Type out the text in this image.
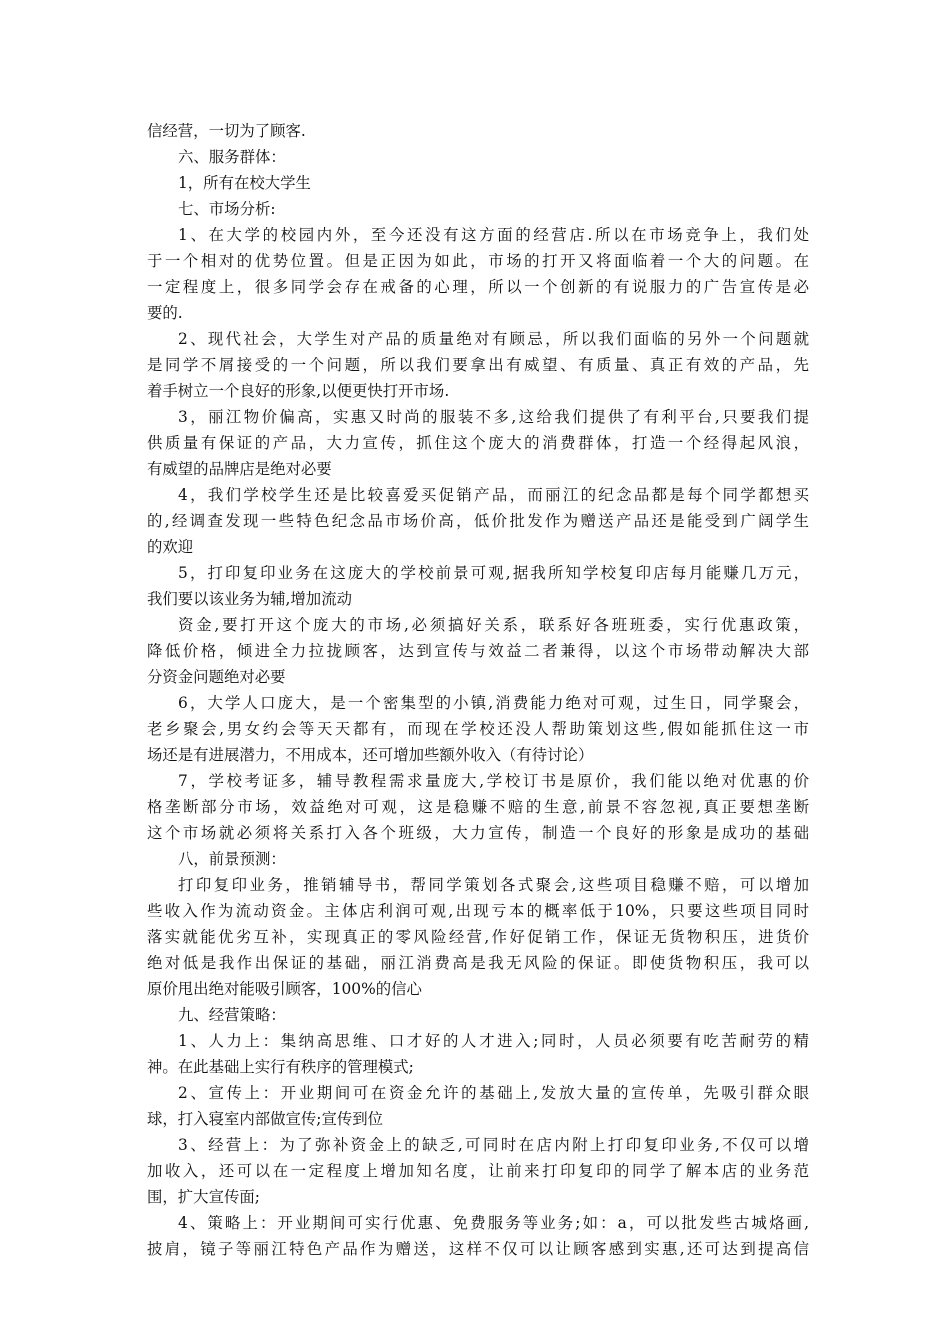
信经营，一切为了顾客.
六、服务群体：
1，所有在校大学生
七、市场分析:
1、在大学的校园内外，至今还没有这方面的经营店.所以在市场竞争上，我们处
于一个相对的优势位置。但是正因为如此，市场的打开又将面临着一个大的问题。在
一定程度上，很多同学会存在戒备的心理，所以一个创新的有说服力的广告宣传是必
要的.
2、现代社会，大学生对产品的质量绝对有顾忌，所以我们面临的另外一个问题就
是同学不屑接受的一个问题，所以我们要拿出有威望、有质量、真正有效的产品，先
着手树立一个良好的形象,以便更快打开市场.
3，丽江物价偏高，实惠又时尚的服装不多,这给我们提供了有利平台,只要我们提
供质量有保证的产品，大力宣传，抓住这个庞大的消费群体，打造一个经得起风浪，
有威望的品牌店是绝对必要
4，我们学校学生还是比较喜爱买促销产品，而丽江的纪念品都是每个同学都想买
的,经调查发现一些特色纪念品市场价高，低价批发作为赠送产品还是能受到广阔学生
的欢迎
5，打印复印业务在这庞大的学校前景可观,据我所知学校复印店每月能赚几万元，
我们要以该业务为辅,增加流动
资金,要打开这个庞大的市场,必须搞好关系，联系好各班班委，实行优惠政策，
降低价格，倾进全力拉拢顾客，达到宣传与效益二者兼得，以这个市场带动解决大部
分资金问题绝对必要
6，大学人口庞大，是一个密集型的小镇,消费能力绝对可观，过生日，同学聚会，
老乡聚会,男女约会等天天都有，而现在学校还没人帮助策划这些,假如能抓住这一市
场还是有进展潜力，不用成本，还可增加些额外收入（有待讨论）
7，学校考证多，辅导教程需求量庞大,学校订书是原价，我们能以绝对优惠的价
格垄断部分市场，效益绝对可观，这是稳赚不赔的生意,前景不容忽视,真正要想垄断
这个市场就必须将关系打入各个班级，大力宣传，制造一个良好的形象是成功的基础
八，前景预测：
打印复印业务，推销辅导书，帮同学策划各式聚会,这些项目稳赚不赔，可以增加
些收入作为流动资金。主体店利润可观,出现亏本的概率低于10%，只要这些项目同时
落实就能优劣互补，实现真正的零风险经营,作好促销工作，保证无货物积压，进货价
绝对低是我作出保证的基础，丽江消费高是我无风险的保证。即使货物积压，我可以
原价甩出绝对能吸引顾客，100%的信心
九、经营策略：
1、人力上：集纳高思维、口才好的人才进入;同时，人员必须要有吃苦耐劳的精
神。在此基础上实行有秩序的管理模式;
2、宣传上：开业期间可在资金允许的基础上,发放大量的宣传单，先吸引群众眼
球，打入寝室内部做宣传;宣传到位
3、经营上：为了弥补资金上的缺乏,可同时在店内附上打印复印业务,不仅可以增
加收入，还可以在一定程度上增加知名度，让前来打印复印的同学了解本店的业务范
围，扩大宣传面;
4、策略上：开业期间可实行优惠、免费服务等业务;如：a，可以批发些古城烙画,
披肩，镜子等丽江特色产品作为赠送，这样不仅可以让顾客感到实惠,还可达到提高信
